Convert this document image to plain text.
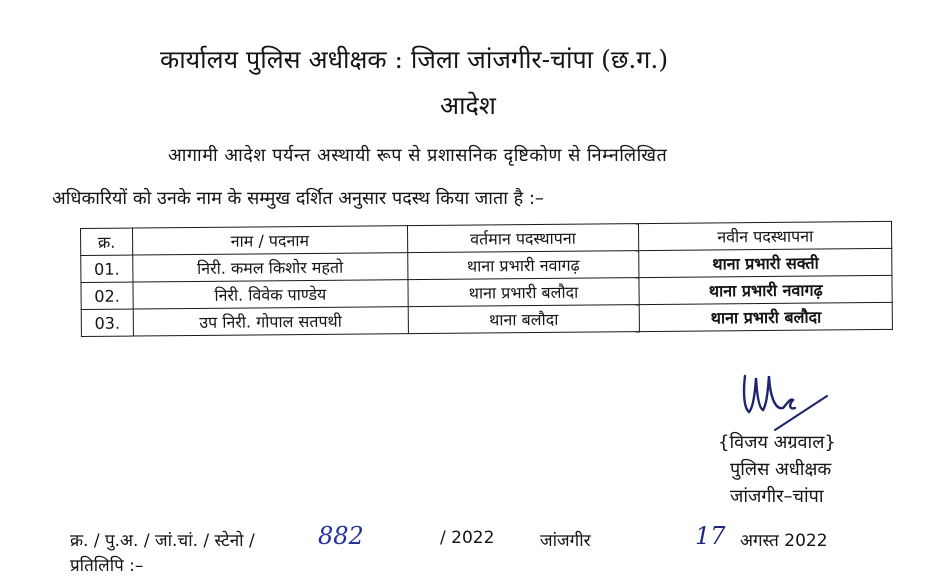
कार्यालय पुलिस अधीक्षक : जिला जांजगीर-चांपा (छ.ग.)
आदेश
आगामी आदेश पर्यन्त अस्थायी रूप से प्रशासनिक दृष्टिकोण से निम्नलिखित
अधिकारियों को उनके नाम के सम्मुख दर्शित अनुसार पदस्थ किया जाता है :–
क्र.	नाम / पदनाम	वर्तमान पदस्थापना	नवीन पदस्थापना
01.	निरी. कमल किशोर महतो	थाना प्रभारी नवागढ़	थाना प्रभारी सक्ती
02.	निरी. विवेक पाण्डेय	थाना प्रभारी बलौदा	थाना प्रभारी नवागढ़
03.	उप निरी. गोपाल सतपथी	थाना बलौदा	थाना प्रभारी बलौदा
{विजय अग्रवाल}
पुलिस अधीक्षक
जांजगीर–चांपा
क्र. / पु.अ. / जां.चां. / स्टेनो /	882	/ 2022	जांजगीर	17 अगस्त 2022
प्रतिलिपि :–
